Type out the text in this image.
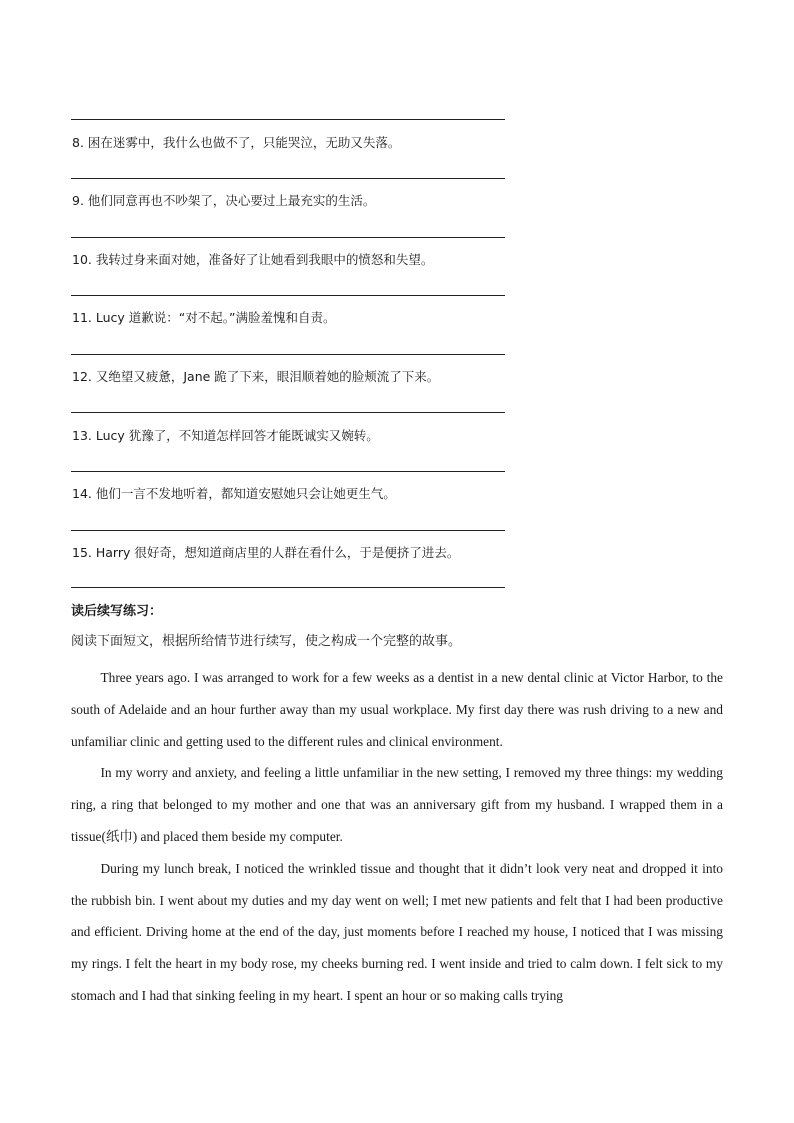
8. 困在迷雾中，我什么也做不了，只能哭泣，无助又失落。
9. 他们同意再也不吵架了，决心要过上最充实的生活。
10. 我转过身来面对她，准备好了让她看到我眼中的愤怒和失望。
11. Lucy 道歉说：“对不起。”满脸羞愧和自责。
12. 又绝望又疲惫，Jane 跪了下来，眼泪顺着她的脸颊流了下来。
13. Lucy 犹豫了，不知道怎样回答才能既诚实又婉转。
14. 他们一言不发地听着，都知道安慰她只会让她更生气。
15. Harry 很好奇，想知道商店里的人群在看什么，于是便挤了进去。
读后续写练习：
阅读下面短文，根据所给情节进行续写，使之构成一个完整的故事。

Three years ago. I was arranged to work for a few weeks as a dentist in a new dental clinic at Victor Harbor, to the south of Adelaide and an hour further away than my usual workplace. My first day there was rush driving to a new and unfamiliar clinic and getting used to the different rules and clinical environment.

In my worry and anxiety, and feeling a little unfamiliar in the new setting, I removed my three things: my wedding ring, a ring that belonged to my mother and one that was an anniversary gift from my husband. I wrapped them in a tissue(纸巾) and placed them beside my computer.

During my lunch break, I noticed the wrinkled tissue and thought that it didn’t look very neat and dropped it into the rubbish bin. I went about my duties and my day went on well; I met new patients and felt that I had been productive and efficient. Driving home at the end of the day, just moments before I reached my house, I noticed that I was missing my rings. I felt the heart in my body rose, my cheeks burning red. I went inside and tried to calm down. I felt sick to my stomach and I had that sinking feeling in my heart. I spent an hour or so making calls trying
